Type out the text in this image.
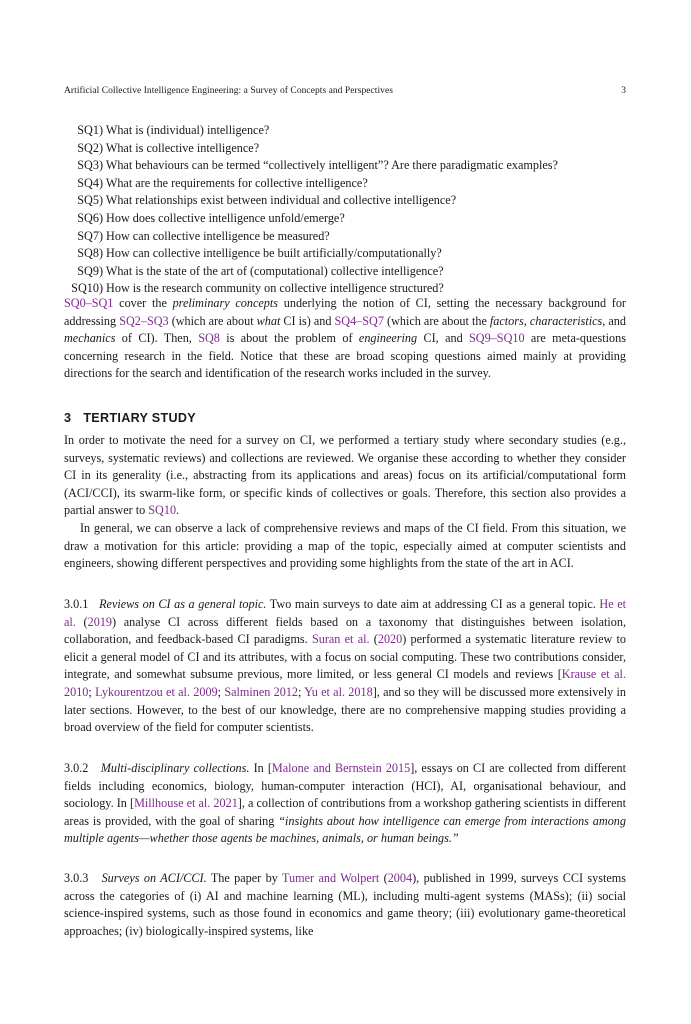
Artificial Collective Intelligence Engineering: a Survey of Concepts and Perspectives	3
SQ1) What is (individual) intelligence?
SQ2) What is collective intelligence?
SQ3) What behaviours can be termed “collectively intelligent”? Are there paradigmatic examples?
SQ4) What are the requirements for collective intelligence?
SQ5) What relationships exist between individual and collective intelligence?
SQ6) How does collective intelligence unfold/emerge?
SQ7) How can collective intelligence be measured?
SQ8) How can collective intelligence be built artificially/computationally?
SQ9) What is the state of the art of (computational) collective intelligence?
SQ10) How is the research community on collective intelligence structured?

SQ0–SQ1 cover the preliminary concepts underlying the notion of CI, setting the necessary background for addressing SQ2–SQ3 (which are about what CI is) and SQ4–SQ7 (which are about the factors, characteristics, and mechanics of CI). Then, SQ8 is about the problem of engineering CI, and SQ9–SQ10 are meta-questions concerning research in the field. Notice that these are broad scoping questions aimed mainly at providing directions for the search and identification of the research works included in the survey.

3 TERTIARY STUDY

In order to motivate the need for a survey on CI, we performed a tertiary study where secondary studies (e.g., surveys, systematic reviews) and collections are reviewed. We organise these according to whether they consider CI in its generality (i.e., abstracting from its applications and areas) focus on its artificial/computational form (ACI/CCI), its swarm-like form, or specific kinds of collectives or goals. Therefore, this section also provides a partial answer to SQ10.

In general, we can observe a lack of comprehensive reviews and maps of the CI field. From this situation, we draw a motivation for this article: providing a map of the topic, especially aimed at computer scientists and engineers, showing different perspectives and providing some highlights from the state of the art in ACI.

3.0.1 Reviews on CI as a general topic. Two main surveys to date aim at addressing CI as a general topic. He et al. (2019) analyse CI across different fields based on a taxonomy that distinguishes between isolation, collaboration, and feedback-based CI paradigms. Suran et al. (2020) performed a systematic literature review to elicit a general model of CI and its attributes, with a focus on social computing. These two contributions consider, integrate, and somewhat subsume previous, more limited, or less general CI models and reviews [Krause et al. 2010; Lykourentzou et al. 2009; Salminen 2012; Yu et al. 2018], and so they will be discussed more extensively in later sections. However, to the best of our knowledge, there are no comprehensive mapping studies providing a broad overview of the field for computer scientists.

3.0.2 Multi-disciplinary collections. In [Malone and Bernstein 2015], essays on CI are collected from different fields including economics, biology, human-computer interaction (HCI), AI, organisational behaviour, and sociology. In [Millhouse et al. 2021], a collection of contributions from a workshop gathering scientists in different areas is provided, with the goal of sharing “insights about how intelligence can emerge from interactions among multiple agents—whether those agents be machines, animals, or human beings.”

3.0.3 Surveys on ACI/CCI. The paper by Tumer and Wolpert (2004), published in 1999, surveys CCI systems across the categories of (i) AI and machine learning (ML), including multi-agent systems (MASs); (ii) social science-inspired systems, such as those found in economics and game theory; (iii) evolutionary game-theoretical approaches; (iv) biologically-inspired systems, like
